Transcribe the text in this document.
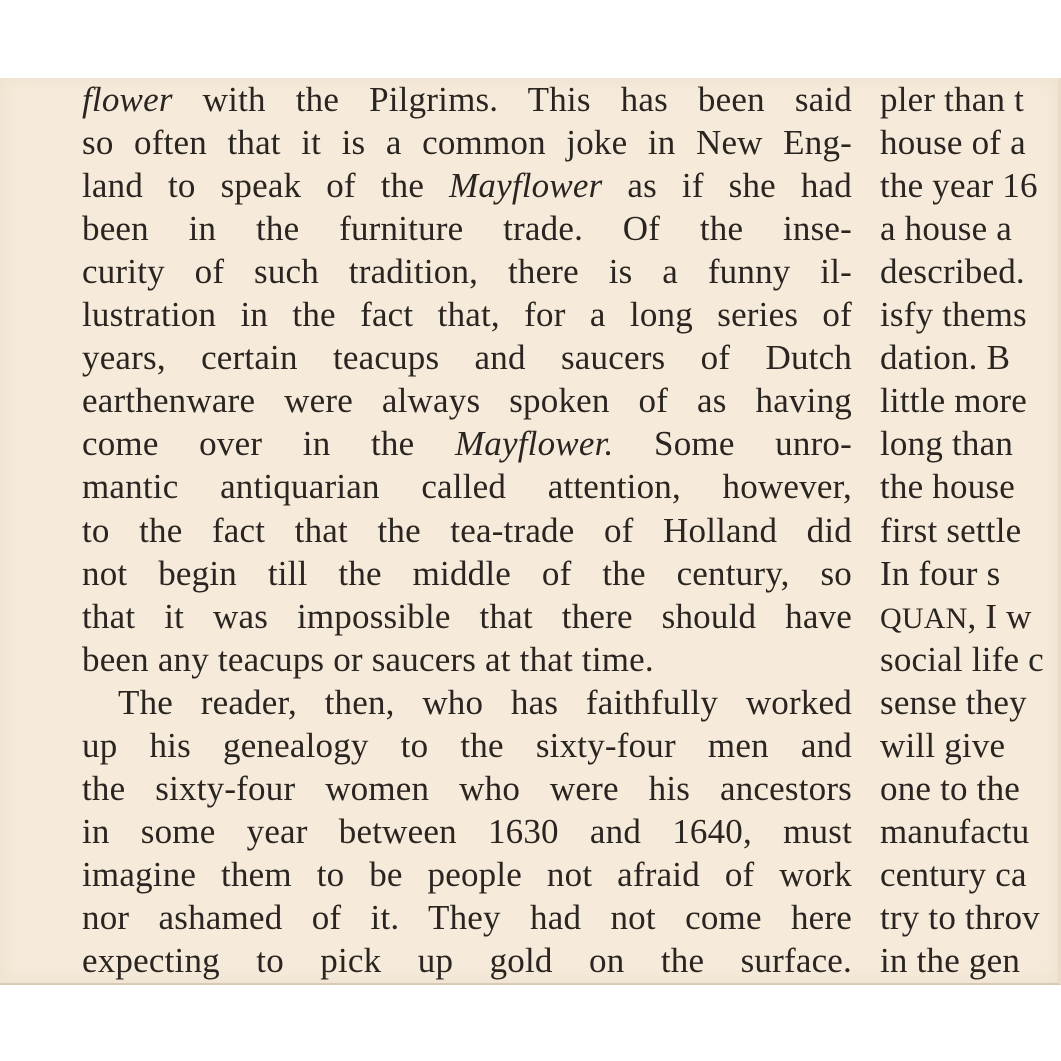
flower with the Pilgrims. This has been said
so often that it is a common joke in New Eng-
land to speak of the Mayflower as if she had
been in the furniture trade. Of the inse-
curity of such tradition, there is a funny il-
lustration in the fact that, for a long series of
years, certain teacups and saucers of Dutch
earthenware were always spoken of as having
come over in the Mayflower. Some unro-
mantic antiquarian called attention, however,
to the fact that the tea-trade of Holland did
not begin till the middle of the century, so
that it was impossible that there should have
been any teacups or saucers at that time.
The reader, then, who has faithfully worked
up his genealogy to the sixty-four men and
the sixty-four women who were his ancestors
in some year between 1630 and 1640, must
imagine them to be people not afraid of work
nor ashamed of it. They had not come here
expecting to pick up gold on the surface.
pler than t
house of a
the year 16
a house a
described.
isfy thems
dation. B
little more
long than
the house
first settle
In four s
QUAN, I w
social life c
sense they
will give
one to the
manufactu
century ca
try to throv
in the gen
